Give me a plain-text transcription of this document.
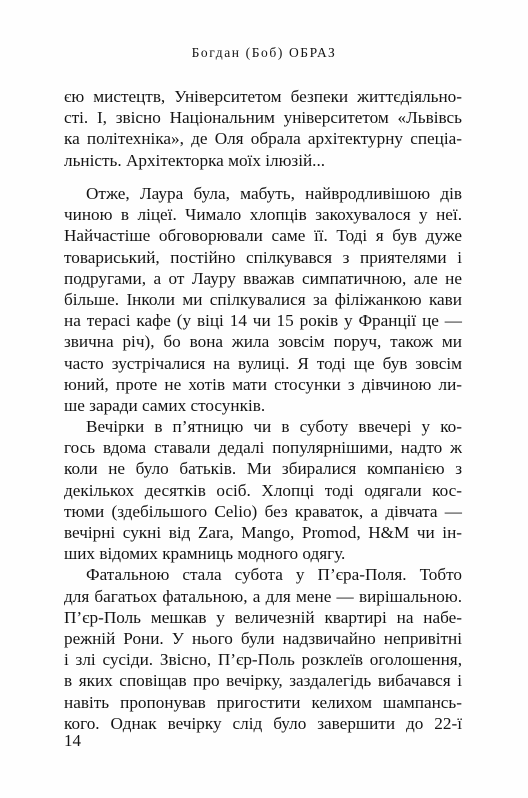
Богдан (Боб) ОБРАЗ
єю мистецтв, Університетом безпеки життєдіяльно-
сті. І, звісно Національним університетом «Львівсь
ка політехніка», де Оля обрала архітектурну спеціа-
льність. Архітекторка моїх ілюзій...
Отже, Лаура була, мабуть, найвродливішою дів
чиною в ліцеї. Чимало хлопців закохувалося у неї.
Найчастіше обговорювали саме її. Тоді я був дуже
товариський, постійно спілкувався з приятелями і
подругами, а от Лауру вважав симпатичною, але не
більше. Інколи ми спілкувалися за філіжанкою кави
на терасі кафе (у віці 14 чи 15 років у Франції це —
звична річ), бо вона жила зовсім поруч, також ми
часто зустрічалися на вулиці. Я тоді ще був зовсім
юний, проте не хотів мати стосунки з дівчиною ли-
ше заради самих стосунків.
Вечірки в п’ятницю чи в суботу ввечері у ко-
гось вдома ставали дедалі популярнішими, надто ж
коли не було батьків. Ми збиралися компанією з
декількох десятків осіб. Хлопці тоді одягали кос-
тюми (здебільшого Celio) без краваток, а дівчата —
вечірні сукні від Zara, Mango, Promod, H&M чи ін-
ших відомих крамниць модного одягу.
Фатальною стала субота у П’єра-Поля. Тобто
для багатьох фатальною, а для мене — вирішальною.
П’єр-Поль мешкав у величезній квартирі на набе-
режній Рони. У нього були надзвичайно непривітні
і злі сусіди. Звісно, П’єр-Поль розклеїв оголошення,
в яких сповіщав про вечірку, заздалегідь вибачався і
навіть пропонував пригостити келихом шампансь-
кого. Однак вечірку слід було завершити до 22-ї
14
